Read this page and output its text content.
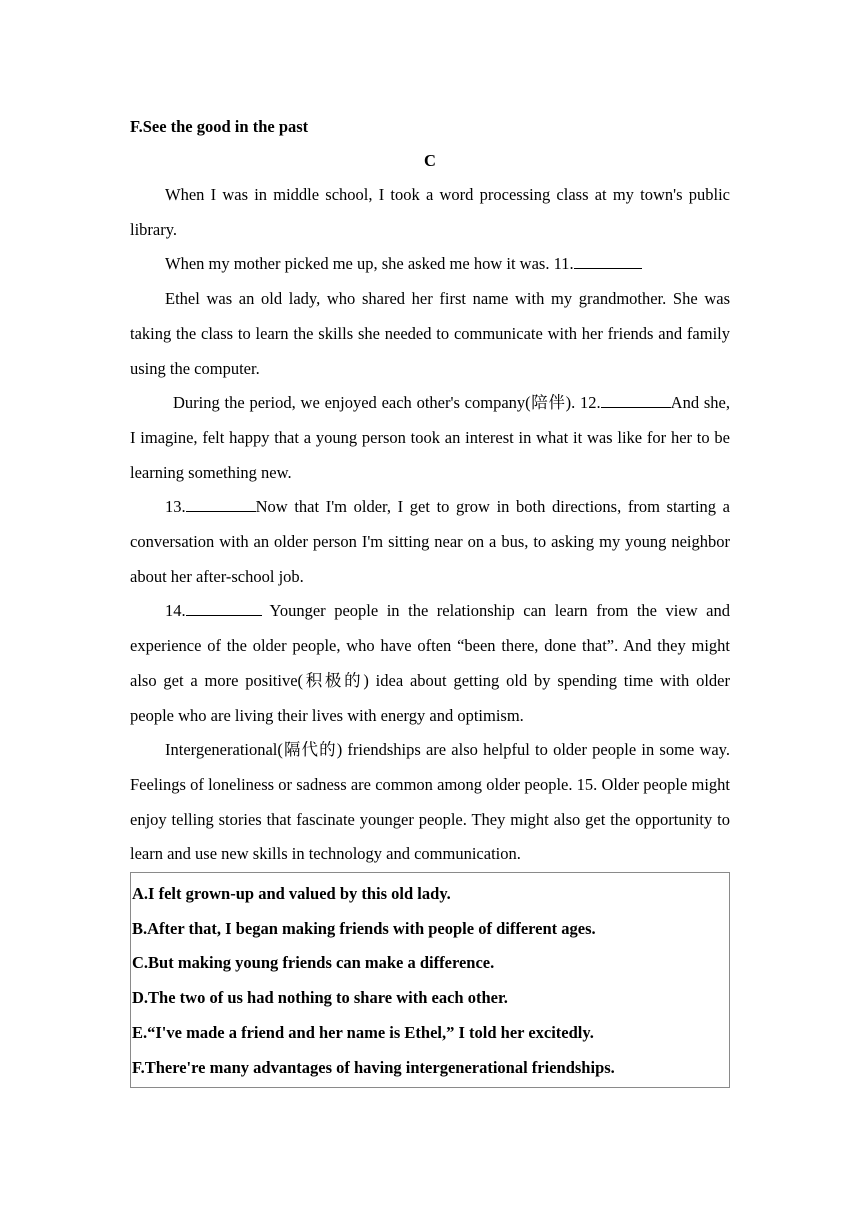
F.See the good in the past

C

When I was in middle school, I took a word processing class at my town's public library.

When my mother picked me up, she asked me how it was. 11.

Ethel was an old lady, who shared her first name with my grandmother. She was taking the class to learn the skills she needed to communicate with her friends and family using the computer.

During the period, we enjoyed each other's company(陪伴). 12.	And she, I imagine, felt happy that a young person took an interest in what it was like for her to be learning something new.

13.	Now that I'm older, I get to grow in both directions, from starting a conversation with an older person I'm sitting near on a bus, to asking my young neighbor about her after-school job.

14.	Younger people in the relationship can learn from the view and experience of the older people, who have often “been there, done that”. And they might also get a more positive(积极的) idea about getting old by spending time with older people who are living their lives with energy and optimism.

Intergenerational(隔代的) friendships are also helpful to older people in some way. Feelings of loneliness or sadness are common among older people. 15. Older people might enjoy telling stories that fascinate younger people. They might also get the opportunity to learn and use new skills in technology and communication.

A.I felt grown-up and valued by this old lady.

B.After that, I began making friends with people of different ages.

C.But making young friends can make a difference.

D.The two of us had nothing to share with each other.

E.“I've made a friend and her name is Ethel,” I told her excitedly.

F.There're many advantages of having intergenerational friendships.
